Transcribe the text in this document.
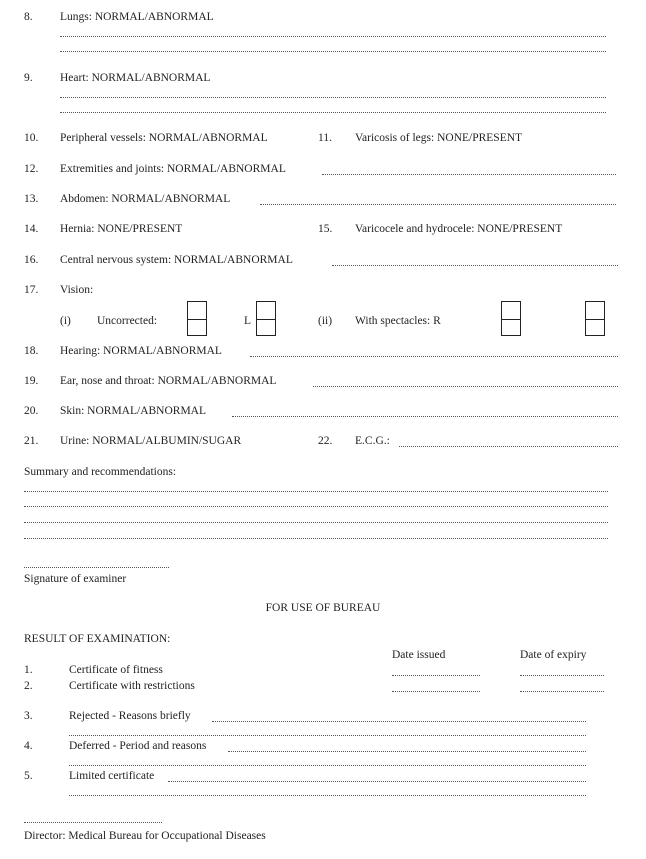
8. Lungs: NORMAL/ABNORMAL
9. Heart: NORMAL/ABNORMAL
10. Peripheral vessels: NORMAL/ABNORMAL	11. Varicosis of legs: NONE/PRESENT
12. Extremities and joints: NORMAL/ABNORMAL
13. Abdomen: NORMAL/ABNORMAL
14. Hernia: NONE/PRESENT	15. Varicocele and hydrocele: NONE/PRESENT
16. Central nervous system: NORMAL/ABNORMAL
17. Vision:
(i) Uncorrected:	L	(ii) With spectacles: R
18. Hearing: NORMAL/ABNORMAL
19. Ear, nose and throat: NORMAL/ABNORMAL
20. Skin: NORMAL/ABNORMAL
21. Urine: NORMAL/ALBUMIN/SUGAR	22. E.C.G.:
Summary and recommendations:
Signature of examiner
FOR USE OF BUREAU
RESULT OF EXAMINATION:
Date issued	Date of expiry
1.	Certificate of fitness
2.	Certificate with restrictions
3.	Rejected - Reasons briefly
4.	Deferred - Period and reasons
5.	Limited certificate
Director: Medical Bureau for Occupational Diseases
